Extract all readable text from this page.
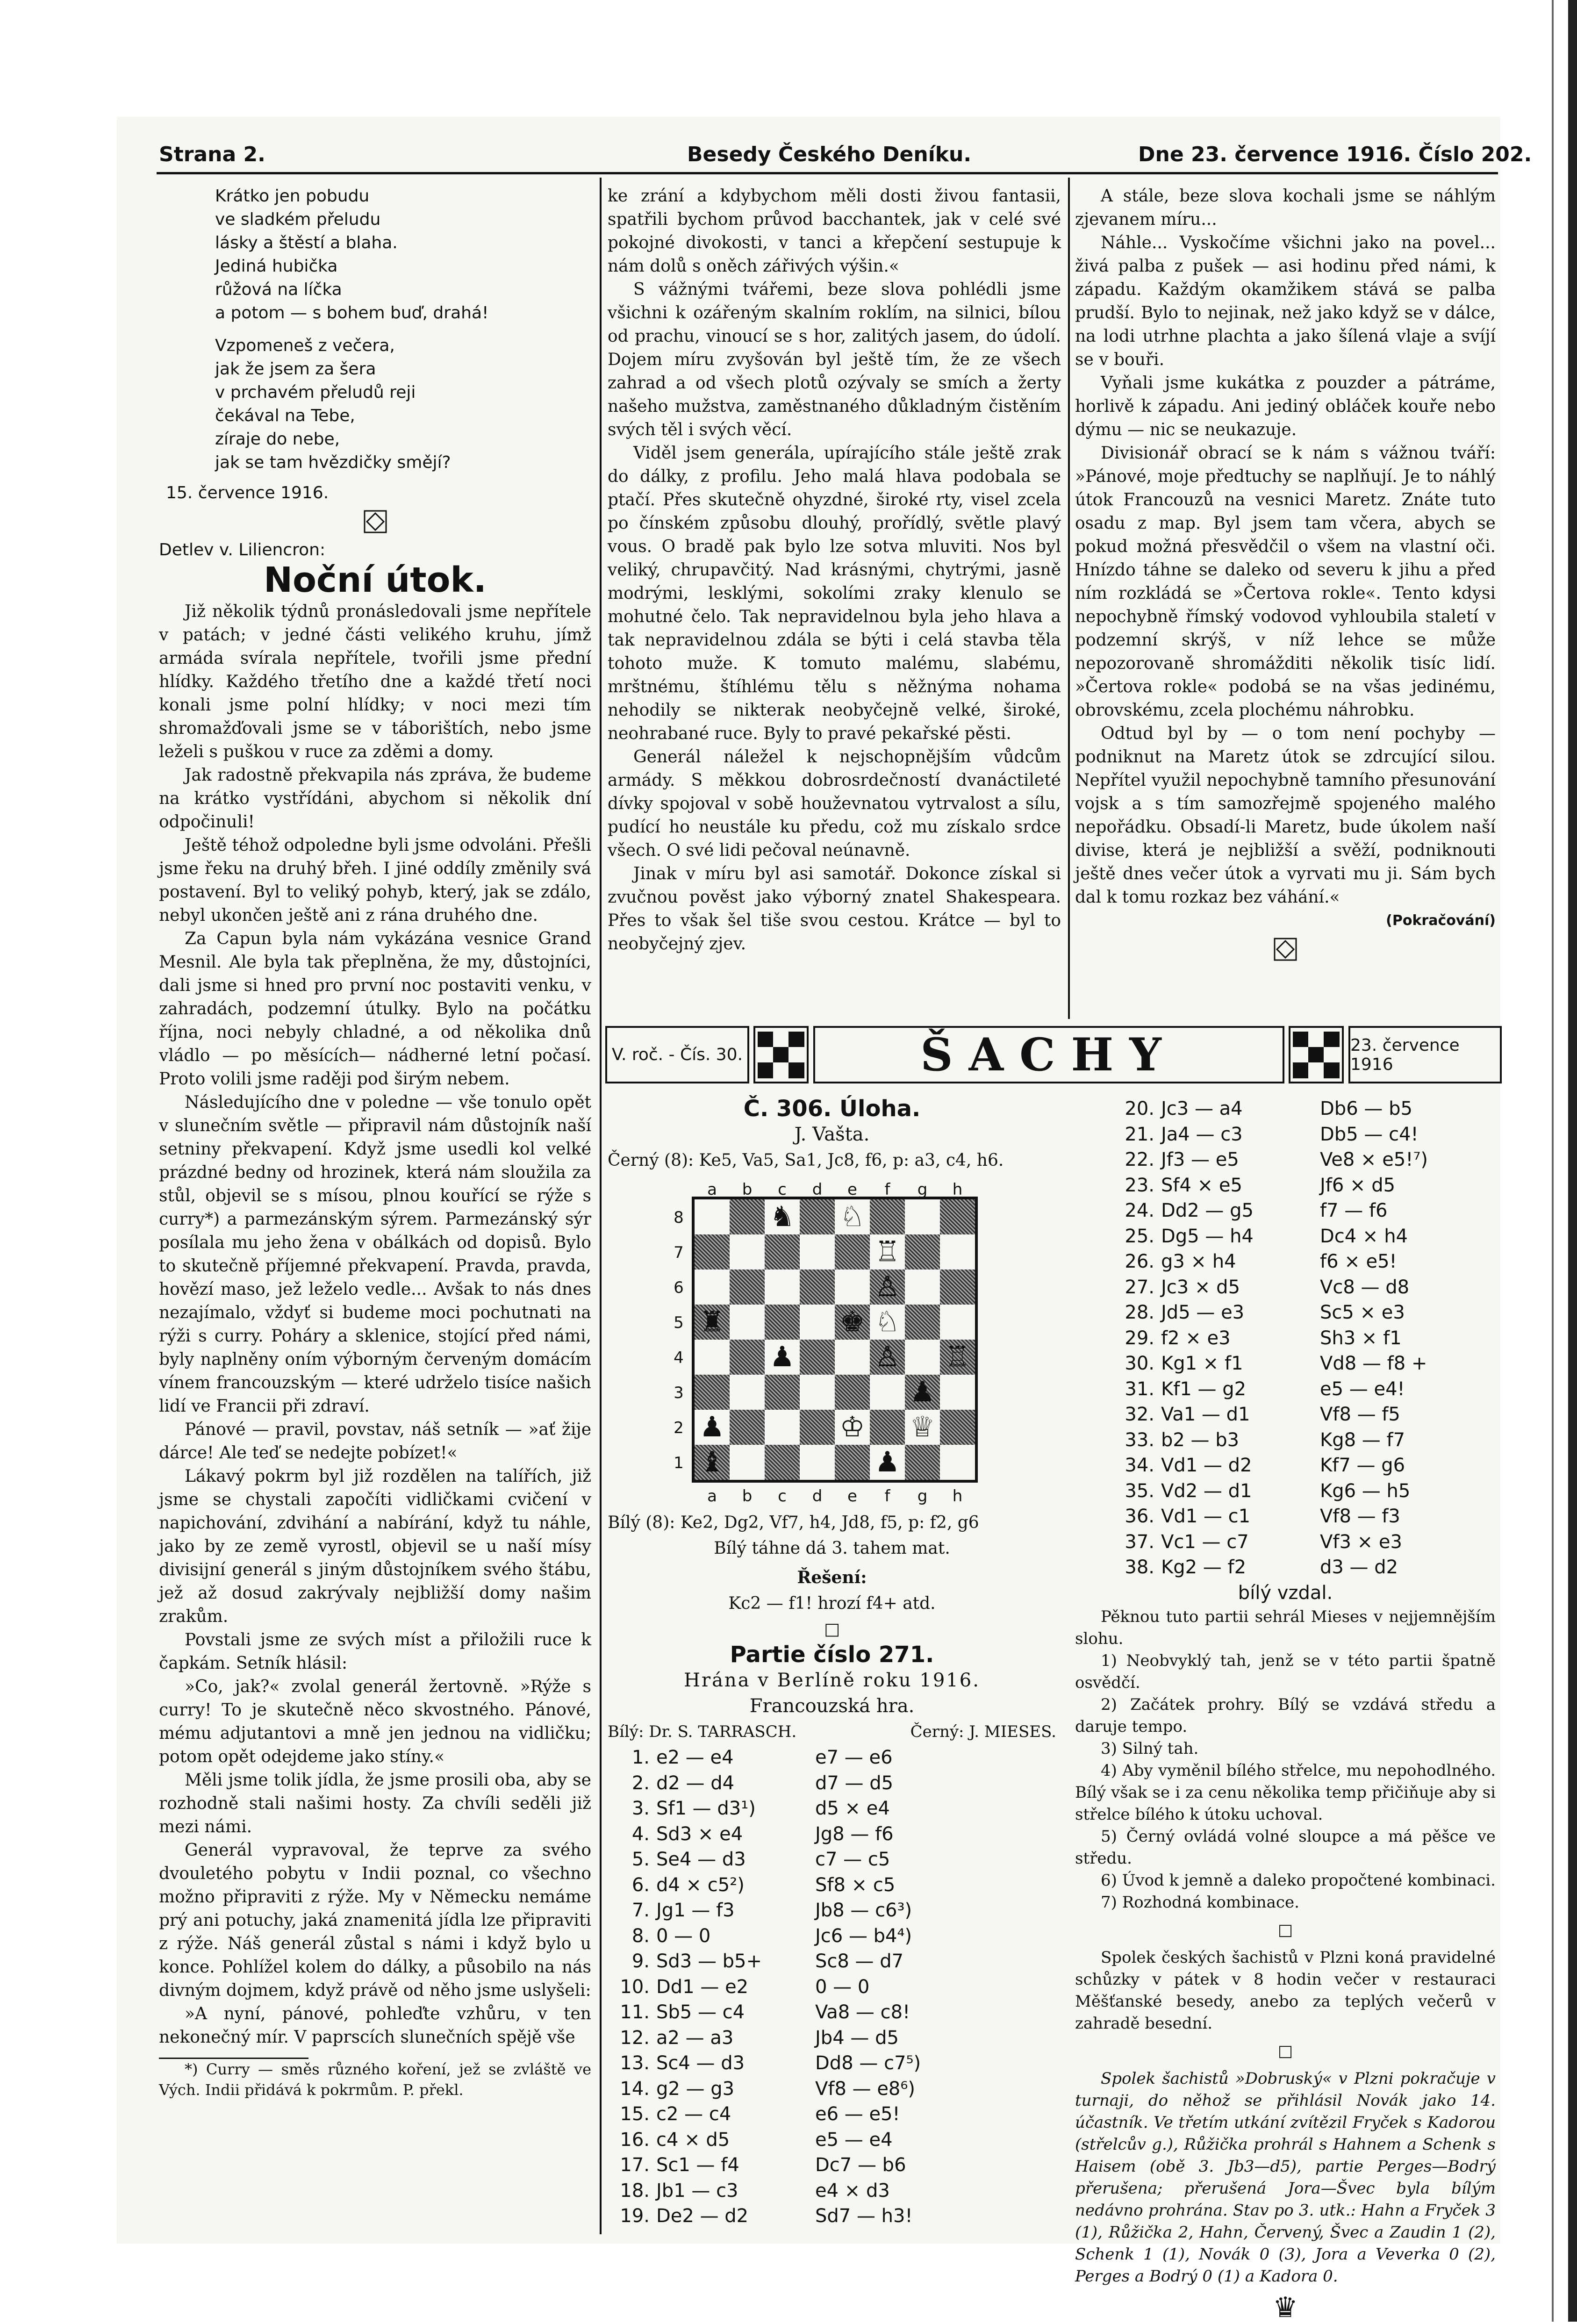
Strana 2.	Besedy Českého Deníku.	Dne 23. července 1916. Číslo 202.
Krátko jen pobudu
ve sladkém přeludu
lásky a štěstí a blaha.
Jediná hubička
růžová na líčka
a potom — s bohem buď, drahá!
Vzpomeneš z večera,
jak že jsem za šera
v prchavém přeludů reji
čekával na Tebe,
zíraje do nebe,
jak se tam hvězdičky smějí?
15. července 1916.
Detlev v. Liliencron:
Noční útok.

Již několik týdnů pronásledovali jsme nepřítele v patách; v jedné části velikého kruhu, jímž armáda svírala nepřítele, tvořili jsme přední hlídky. Každého třetího dne a každé třetí noci konali jsme polní hlídky; v noci mezi tím shromažďovali jsme se v táborištích, nebo jsme leželi s puškou v ruce za zděmi a domy.

Jak radostně překvapila nás zpráva, že budeme na krátko vystřídáni, abychom si několik dní odpočinuli!

Ještě téhož odpoledne byli jsme odvoláni. Přešli jsme řeku na druhý břeh. I jiné oddíly změnily svá postavení. Byl to veliký pohyb, který, jak se zdálo, nebyl ukončen ještě ani z rána druhého dne.

Za Capun byla nám vykázána vesnice Grand Mesnil. Ale byla tak přeplněna, že my, důstojníci, dali jsme si hned pro první noc postaviti venku, v zahradách, podzemní útulky. Bylo na počátku října, noci nebyly chladné, a od několika dnů vládlo — po měsících— nádherné letní počasí. Proto volili jsme raději pod širým nebem.

Následujícího dne v poledne — vše tonulo opět v slunečním světle — připravil nám důstojník naší setniny překvapení. Když jsme usedli kol velké prázdné bedny od hrozinek, která nám sloužila za stůl, objevil se s mísou, plnou kouřící se rýže s curry*) a parmezánským sýrem. Parmezánský sýr posílala mu jeho žena v obálkách od dopisů. Bylo to skutečně příjemné překvapení. Pravda, pravda, hovězí maso, jež leželo vedle... Avšak to nás dnes nezajímalo, vždyť si budeme moci pochutnati na rýži s curry. Poháry a sklenice, stojící před námi, byly naplněny oním výborným červeným domácím vínem francouzským — které udrželo tisíce našich lidí ve Francii při zdraví.

Pánové — pravil, povstav, náš setník — »ať žije dárce! Ale teď se nedejte pobízet!«

Lákavý pokrm byl již rozdělen na talířích, již jsme se chystali započíti vidličkami cvičení v napichování, zdvihání a nabírání, když tu náhle, jako by ze země vyrostl, objevil se u naší mísy divisijní generál s jiným důstojníkem svého štábu, jež až dosud zakrývaly nejbližší domy našim zrakům.

Povstali jsme ze svých míst a přiložili ruce k čapkám. Setník hlásil:

»Co, jak?« zvolal generál žertovně. »Rýže s curry! To je skutečně něco skvostného. Pánové, mému adjutantovi a mně jen jednou na vidličku; potom opět odejdeme jako stíny.«

Měli jsme tolik jídla, že jsme prosili oba, aby se rozhodně stali našimi hosty. Za chvíli seděli již mezi námi.

Generál vypravoval, že teprve za svého dvouletého pobytu v Indii poznal, co všechno možno připraviti z rýže. My v Německu nemáme prý ani potuchy, jaká znamenitá jídla lze připraviti z rýže. Náš generál zůstal s námi i když bylo u konce. Pohlížel kolem do dálky, a působilo na nás divným dojmem, když právě od něho jsme uslyšeli:

»A nyní, pánové, pohleďte vzhůru, v ten nekonečný mír. V paprscích slunečních spějě vše

*) Curry — směs různého koření, jež se zvláště ve Vých. Indii přidává k pokrmům. P. překl.

ke zrání a kdybychom měli dosti živou fantasii, spatřili bychom průvod bacchantek, jak v celé své pokojné divokosti, v tanci a křepčení sestupuje k nám dolů s oněch zářivých výšin.«

S vážnými tvářemi, beze slova pohlédli jsme všichni k ozářeným skalním roklím, na silnici, bílou od prachu, vinoucí se s hor, zalitých jasem, do údolí. Dojem míru zvyšován byl ještě tím, že ze všech zahrad a od všech plotů ozývaly se smích a žerty našeho mužstva, zaměstnaného důkladným čistěním svých těl i svých věcí.

Viděl jsem generála, upírajícího stále ještě zrak do dálky, z profilu. Jeho malá hlava podobala se ptačí. Přes skutečně ohyzdné, široké rty, visel zcela po čínském způsobu dlouhý, prořídlý, světle plavý vous. O bradě pak bylo lze sotva mluviti. Nos byl veliký, chrupavčitý. Nad krásnými, chytrými, jasně modrými, lesklými, sokolími zraky klenulo se mohutné čelo. Tak nepravidelnou byla jeho hlava a tak nepravidelnou zdála se býti i celá stavba těla tohoto muže. K tomuto malému, slabému, mrštnému, štíhlému tělu s něžnýma nohama nehodily se nikterak neobyčejně velké, široké, neohrabané ruce. Byly to pravé pekařské pěsti.

Generál náležel k nejschopnějším vůdcům armády. S měkkou dobrosrdečností dvanáctileté dívky spojoval v sobě houževnatou vytrvalost a sílu, pudící ho neustále ku předu, což mu získalo srdce všech. O své lidi pečoval neúnavně.

Jinak v míru byl asi samotář. Dokonce získal si zvučnou pověst jako výborný znatel Shakespeara. Přes to však šel tiše svou cestou. Krátce — byl to neobyčejný zjev.

A stále, beze slova kochali jsme se náhlým zjevanem míru...

Náhle... Vyskočíme všichni jako na povel... živá palba z pušek — asi hodinu před námi, k západu. Každým okamžikem stává se palba prudší. Bylo to nejinak, než jako když se v dálce, na lodi utrhne plachta a jako šílená vlaje a svíjí se v bouři.

Vyňali jsme kukátka z pouzder a pátráme, horlivě k západu. Ani jediný obláček kouře nebo dýmu — nic se neukazuje.

Divisionář obrací se k nám s vážnou tváří: »Pánové, moje předtuchy se naplňují. Je to náhlý útok Francouzů na vesnici Maretz. Znáte tuto osadu z map. Byl jsem tam včera, abych se pokud možná přesvědčil o všem na vlastní oči. Hnízdo táhne se daleko od severu k jihu a před ním rozkládá se »Čertova rokle«. Tento kdysi nepochybně římský vodovod vyhloubila staletí v podzemní skrýš, v níž lehce se může nepozorovaně shromážditi několik tisíc lidí. »Čertova rokle« podobá se na všas jedinému, obrovskému, zcela plochému náhrobku.

Odtud byl by — o tom není pochyby — podniknut na Maretz útok se zdrcující silou. Nepřítel využil nepochybně tamního přesunování vojsk a s tím samozřejmě spojeného malého nepořádku. Obsadí-li Maretz, bude úkolem naší divise, která je nejbližší a svěží, podniknouti ještě dnes večer útok a vyrvati mu ji. Sám bych dal k tomu rozkaz bez váhání.«

(Pokračování)
V. roč. - Čís. 30.	ŠACHY	23. července 1916
Č. 306. Úloha.
J. Vašta.
Černý (8): Ke5, Va5, Sa1, Jc8, f6, p: a3, c4, h6.
♞ ♘
♖
♙
♜	♚ ♘
♟	♙ ♖
♟
♟	♔ ♕
♝	♟
a
a
b
b
c
c
d
d
e
e
f
f
g
g
h
h
8
7
6
5
4
3
2
1
Bílý (8): Ke2, Dg2, Vf7, h4, Jd8, f5, p: f2, g6
Bílý táhne dá 3. tahem mat.
Řešení:
Kc2 — f1! hrozí f4+ atd.
□
Partie číslo 271.
Hrána v Berlíně roku 1916.
Francouzská hra.
Bílý: Dr. S. TARRASCH.	Černý: J. MIESES.
1. e2 — e4	e7 — e6
2. d2 — d4	d7 — d5
3. Sf1 — d3¹)	d5 × e4
4. Sd3 × e4	Jg8 — f6
5. Se4 — d3	c7 — c5
6. d4 × c5²)	Sf8 × c5
7. Jg1 — f3	Jb8 — c6³)
8. 0 — 0	Jc6 — b4⁴)
9. Sd3 — b5+	Sc8 — d7
10. Dd1 — e2	0 — 0
11. Sb5 — c4	Va8 — c8!
12. a2 — a3	Jb4 — d5
13. Sc4 — d3	Dd8 — c7⁵)
14. g2 — g3	Vf8 — e8⁶)
15. c2 — c4	e6 — e5!
16. c4 × d5	e5 — e4
17. Sc1 — f4	Dc7 — b6
18. Jb1 — c3	e4 × d3
19. De2 — d2	Sd7 — h3!
20. Jc3 — a4	Db6 — b5
21. Ja4 — c3	Db5 — c4!
22. Jf3 — e5	Ve8 × e5!⁷)
23. Sf4 × e5	Jf6 × d5
24. Dd2 — g5	f7 — f6
25. Dg5 — h4	Dc4 × h4
26. g3 × h4	f6 × e5!
27. Jc3 × d5	Vc8 — d8
28. Jd5 — e3	Sc5 × e3
29. f2 × e3	Sh3 × f1
30. Kg1 × f1	Vd8 — f8 +
31. Kf1 — g2	e5 — e4!
32. Va1 — d1	Vf8 — f5
33. b2 — b3	Kg8 — f7
34. Vd1 — d2	Kf7 — g6
35. Vd2 — d1	Kg6 — h5
36. Vd1 — c1	Vf8 — f3
37. Vc1 — c7	Vf3 × e3
38. Kg2 — f2	d3 — d2
bílý vzdal.

Pěknou tuto partii sehrál Mieses v nejjemnějším slohu.

1) Neobvyklý tah, jenž se v této partii špatně osvědčí.

2) Začátek prohry. Bílý se vzdává středu a daruje tempo.

3) Silný tah.

4) Aby vyměnil bílého střelce, mu nepohodlného. Bílý však se i za cenu několika temp přičiňuje aby si střelce bílého k útoku uchoval.

5) Černý ovládá volné sloupce a má pěšce ve středu.

6) Úvod k jemně a daleko propočtené kombinaci.

7) Rozhodná kombinace.

□

Spolek českých šachistů v Plzni koná pravidelné schůzky v pátek v 8 hodin večer v restauraci Měšťanské besedy, anebo za teplých večerů v zahradě besední.

□

Spolek šachistů »Dobruský« v Plzni pokračuje v turnaji, do něhož se přihlásil Novák jako 14. účastník. Ve třetím utkání zvítězil Fryček s Kadorou (střelcův g.), Růžička prohrál s Hahnem a Schenk s Haisem (obě 3. Jb3—d5), partie Perges—Bodrý přerušena; přerušená Jora—Švec byla bílým nedávno prohrána. Stav po 3. utk.: Hahn a Fryček 3 (1), Růžička 2, Hahn, Červený, Švec a Zaudin 1 (2), Schenk 1 (1), Novák 0 (3), Jora a Veverka 0 (2), Perges a Bodrý 0 (1) a Kadora 0.

♛
